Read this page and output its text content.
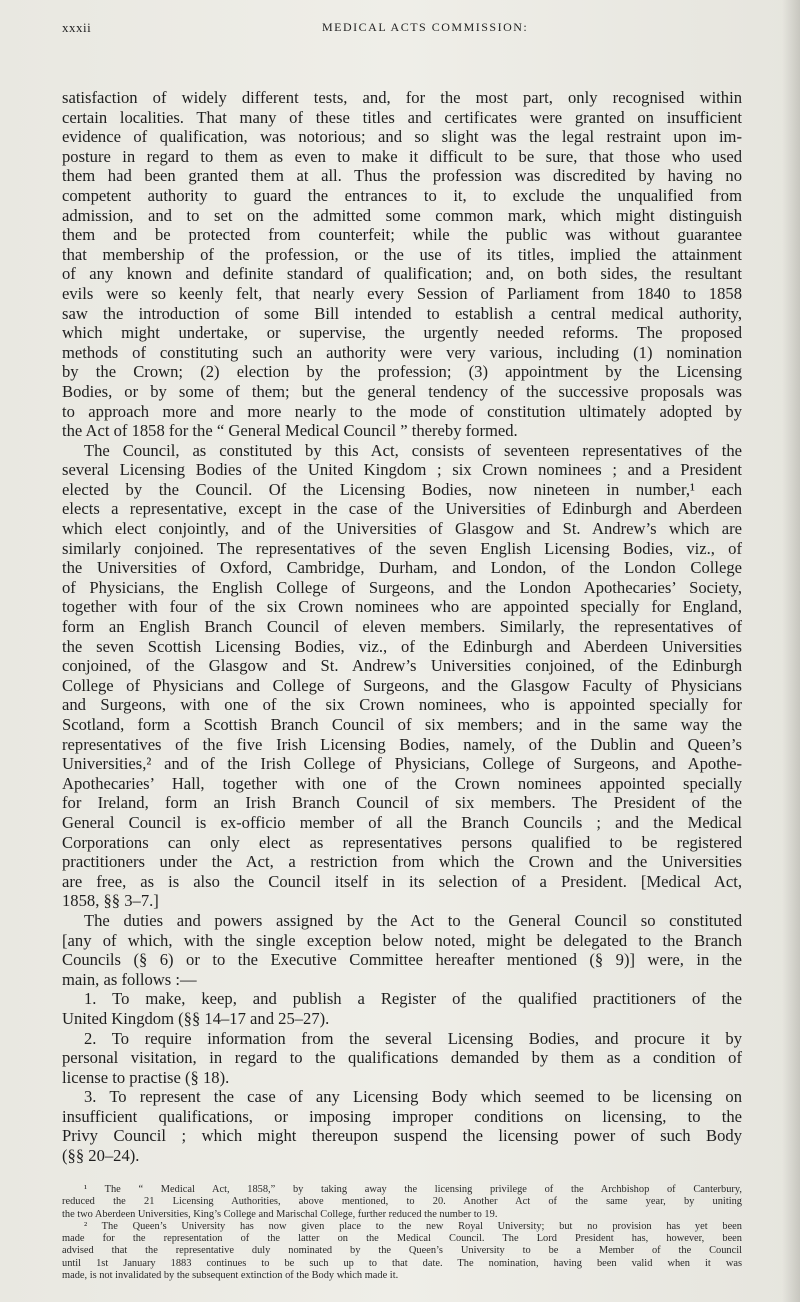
xxxii	MEDICAL ACTS COMMISSION:
satisfaction of widely different tests, and, for the most part, only recognised within
certain localities. That many of these titles and certificates were granted on insufficient
evidence of qualification, was notorious; and so slight was the legal restraint upon im-
posture in regard to them as even to make it difficult to be sure, that those who used
them had been granted them at all. Thus the profession was discredited by having no
competent authority to guard the entrances to it, to exclude the unqualified from
admission, and to set on the admitted some common mark, which might distinguish
them and be protected from counterfeit; while the public was without guarantee
that membership of the profession, or the use of its titles, implied the attainment
of any known and definite standard of qualification; and, on both sides, the resultant
evils were so keenly felt, that nearly every Session of Parliament from 1840 to 1858
saw the introduction of some Bill intended to establish a central medical authority,
which might undertake, or supervise, the urgently needed reforms. The proposed
methods of constituting such an authority were very various, including (1) nomination
by the Crown; (2) election by the profession; (3) appointment by the Licensing
Bodies, or by some of them; but the general tendency of the successive proposals was
to approach more and more nearly to the mode of constitution ultimately adopted by
the Act of 1858 for the “ General Medical Council ” thereby formed.
The Council, as constituted by this Act, consists of seventeen representatives of the
several Licensing Bodies of the United Kingdom ; six Crown nominees ; and a President
elected by the Council. Of the Licensing Bodies, now nineteen in number,¹ each
elects a representative, except in the case of the Universities of Edinburgh and Aberdeen
which elect conjointly, and of the Universities of Glasgow and St. Andrew’s which are
similarly conjoined. The representatives of the seven English Licensing Bodies, viz., of
the Universities of Oxford, Cambridge, Durham, and London, of the London College
of Physicians, the English College of Surgeons, and the London Apothecaries’ Society,
together with four of the six Crown nominees who are appointed specially for England,
form an English Branch Council of eleven members. Similarly, the representatives of
the seven Scottish Licensing Bodies, viz., of the Edinburgh and Aberdeen Universities
conjoined, of the Glasgow and St. Andrew’s Universities conjoined, of the Edinburgh
College of Physicians and College of Surgeons, and the Glasgow Faculty of Physicians
and Surgeons, with one of the six Crown nominees, who is appointed specially for
Scotland, form a Scottish Branch Council of six members; and in the same way the
representatives of the five Irish Licensing Bodies, namely, of the Dublin and Queen’s
Universities,² and of the Irish College of Physicians, College of Surgeons, and Apothe-
Apothecaries’ Hall, together with one of the Crown nominees appointed specially
for Ireland, form an Irish Branch Council of six members. The President of the
General Council is ex-officio member of all the Branch Councils ; and the Medical
Corporations can only elect as representatives persons qualified to be registered
practitioners under the Act, a restriction from which the Crown and the Universities
are free, as is also the Council itself in its selection of a President. [Medical Act,
1858, §§ 3–7.]
The duties and powers assigned by the Act to the General Council so constituted
[any of which, with the single exception below noted, might be delegated to the Branch
Councils (§ 6) or to the Executive Committee hereafter mentioned (§ 9)] were, in the
main, as follows :—
1. To make, keep, and publish a Register of the qualified practitioners of the
United Kingdom (§§ 14–17 and 25–27).
2. To require information from the several Licensing Bodies, and procure it by
personal visitation, in regard to the qualifications demanded by them as a condition of
license to practise (§ 18).
3. To represent the case of any Licensing Body which seemed to be licensing on
insufficient qualifications, or imposing improper conditions on licensing, to the
Privy Council ; which might thereupon suspend the licensing power of such Body
(§§ 20–24).
¹ The “ Medical Act, 1858,” by taking away the licensing privilege of the Archbishop of Canterbury,
reduced the 21 Licensing Authorities, above mentioned, to 20. Another Act of the same year, by uniting
the two Aberdeen Universities, King’s College and Marischal College, further reduced the number to 19.
² The Queen’s University has now given place to the new Royal University; but no provision has yet been
made for the representation of the latter on the Medical Council. The Lord President has, however, been
advised that the representative duly nominated by the Queen’s University to be a Member of the Council
until 1st January 1883 continues to be such up to that date. The nomination, having been valid when it was
made, is not invalidated by the subsequent extinction of the Body which made it.
